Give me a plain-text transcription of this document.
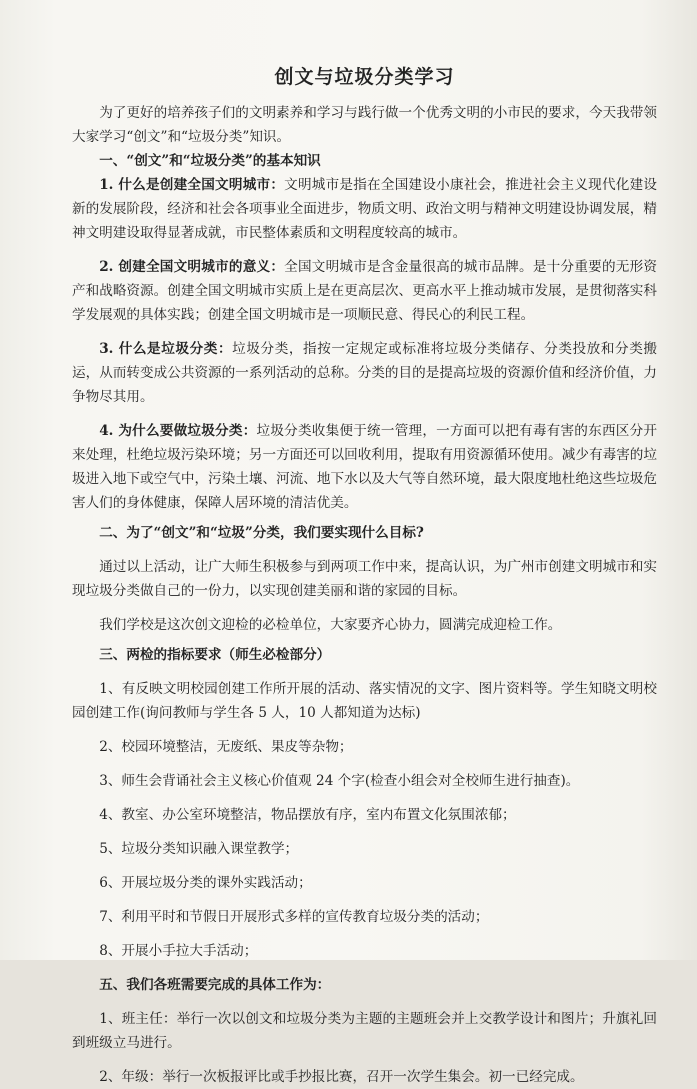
创文与垃圾分类学习

为了更好的培养孩子们的文明素养和学习与践行做一个优秀文明的小市民的要求，今天我带领大家学习“创文”和“垃圾分类”知识。

一、“创文”和“垃圾分类”的基本知识

1. 什么是创建全国文明城市：文明城市是指在全国建设小康社会，推进社会主义现代化建设新的发展阶段，经济和社会各项事业全面进步，物质文明、政治文明与精神文明建设协调发展，精神文明建设取得显著成就，市民整体素质和文明程度较高的城市。

2. 创建全国文明城市的意义：全国文明城市是含金量很高的城市品牌。是十分重要的无形资产和战略资源。创建全国文明城市实质上是在更高层次、更高水平上推动城市发展，是贯彻落实科学发展观的具体实践；创建全国文明城市是一项顺民意、得民心的利民工程。

3. 什么是垃圾分类：垃圾分类，指按一定规定或标准将垃圾分类储存、分类投放和分类搬运，从而转变成公共资源的一系列活动的总称。分类的目的是提高垃圾的资源价值和经济价值，力争物尽其用。

4. 为什么要做垃圾分类：垃圾分类收集便于统一管理，一方面可以把有毒有害的东西区分开来处理，杜绝垃圾污染环境；另一方面还可以回收利用，提取有用资源循环使用。减少有毒害的垃圾进入地下或空气中，污染土壤、河流、地下水以及大气等自然环境，最大限度地杜绝这些垃圾危害人们的身体健康，保障人居环境的清洁优美。

二、为了“创文”和“垃圾”分类，我们要实现什么目标?

通过以上活动，让广大师生积极参与到两项工作中来，提高认识，为广州市创建文明城市和实现垃圾分类做自己的一份力，以实现创建美丽和谐的家园的目标。

我们学校是这次创文迎检的必检单位，大家要齐心协力，圆满完成迎检工作。

三、两检的指标要求（师生必检部分）

1、有反映文明校园创建工作所开展的活动、落实情况的文字、图片资料等。学生知晓文明校园创建工作(询问教师与学生各 5 人，10 人都知道为达标)

2、校园环境整洁，无废纸、果皮等杂物；

3、师生会背诵社会主义核心价值观 24 个字(检查小组会对全校师生进行抽查)。

4、教室、办公室环境整洁，物品摆放有序，室内布置文化氛围浓郁；

5、垃圾分类知识融入课堂教学；

6、开展垃圾分类的课外实践活动；

7、利用平时和节假日开展形式多样的宣传教育垃圾分类的活动；

8、开展小手拉大手活动；

五、我们各班需要完成的具体工作为：

1、班主任：举行一次以创文和垃圾分类为主题的主题班会并上交教学设计和图片；升旗礼回到班级立马进行。

2、年级：举行一次板报评比或手抄报比赛，召开一次学生集会。初一已经完成。
